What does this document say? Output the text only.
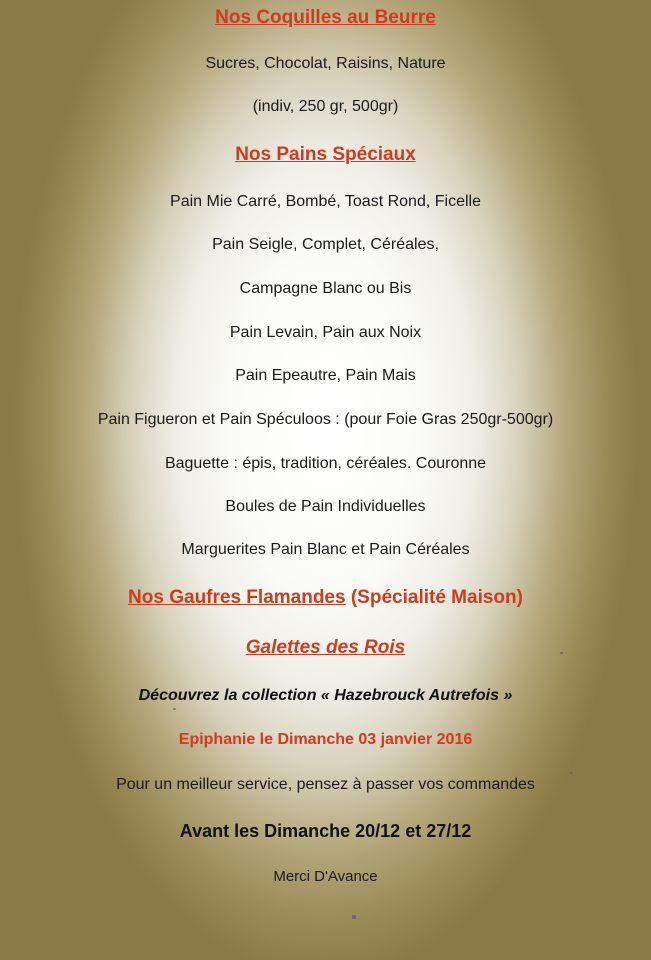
Nos Coquilles au Beurre
Sucres, Chocolat, Raisins, Nature
(indiv, 250 gr, 500gr)
Nos Pains Spéciaux
Pain Mie Carré, Bombé, Toast Rond, Ficelle
Pain Seigle, Complet, Céréales,
Campagne Blanc ou Bis
Pain Levain, Pain aux Noix
Pain Epeautre, Pain Mais
Pain Figueron et Pain Spéculoos : (pour Foie Gras 250gr-500gr)
Baguette : épis, tradition, céréales. Couronne
Boules de Pain Individuelles
Marguerites Pain Blanc et Pain Céréales
Nos Gaufres Flamandes (Spécialité Maison)
Galettes des Rois
Découvrez la collection « Hazebrouck Autrefois »
Epiphanie le Dimanche 03 janvier 2016
Pour un meilleur service, pensez à passer vos commandes
Avant les Dimanche 20/12 et 27/12
Merci D'Avance
